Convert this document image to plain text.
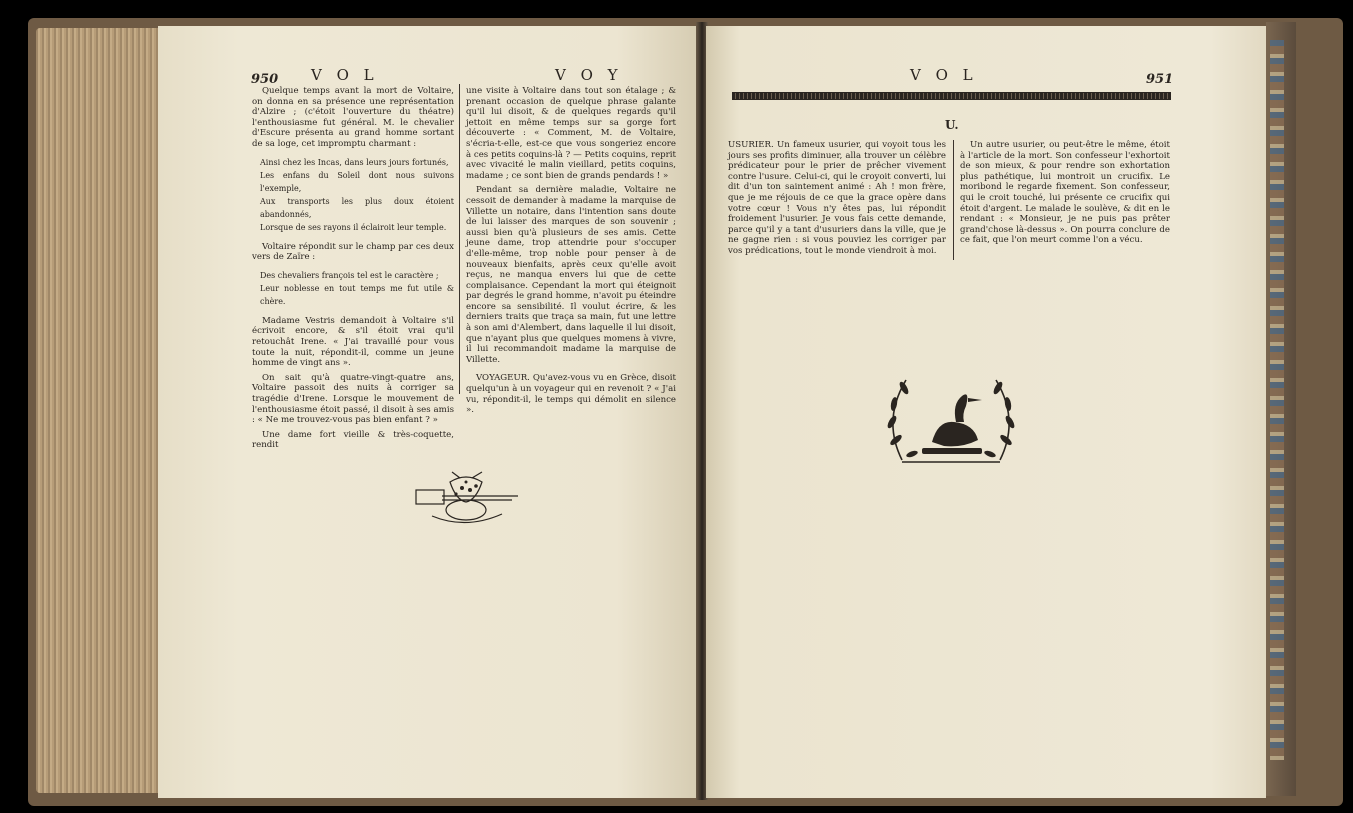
950 V O L	V O Y

Quelque temps avant la mort de Voltaire, on donna en sa présence une représentation d'Alzire ; (c'étoit l'ouverture du théatre) l'enthousiasme fut général. M. le chevalier d'Escure présenta au grand homme sortant de sa loge, cet impromptu charmant :

Ainsi chez les Incas, dans leurs jours fortunés,
Les enfans du Soleil dont nous suivons l'exemple,
Aux transports les plus doux étoient abandonnés,
Lorsque de ses rayons il éclairoit leur temple.

Voltaire répondit sur le champ par ces deux vers de Zaïre :

Des chevaliers françois tel est le caractère ;
Leur noblesse en tout temps me fut utile & chère.

Madame Vestris demandoit à Voltaire s'il écrivoit encore, & s'il étoit vrai qu'il retouchât Irene. « J'ai travaillé pour vous toute la nuit, répondit-il, comme un jeune homme de vingt ans ».

On sait qu'à quatre-vingt-quatre ans, Voltaire passoit des nuits à corriger sa tragédie d'Irene. Lorsque le mouvement de l'enthousiasme étoit passé, il disoit à ses amis : « Ne me trouvez-vous pas bien enfant ? »

Une dame fort vieille & très-coquette, rendit

une visite à Voltaire dans tout son étalage ; & prenant occasion de quelque phrase galante qu'il lui disoit, & de quelques regards qu'il jettoit en même temps sur sa gorge fort découverte : « Comment, M. de Voltaire, s'écria-t-elle, est-ce que vous songeriez encore à ces petits coquins-là ? — Petits coquins, reprit avec vivacité le malin vieillard, petits coquins, madame ; ce sont bien de grands pendards ! »

Pendant sa dernière maladie, Voltaire ne cessoit de demander à madame la marquise de Villette un notaire, dans l'intention sans doute de lui laisser des marques de son souvenir ; aussi bien qu'à plusieurs de ses amis. Cette jeune dame, trop attendrie pour s'occuper d'elle-même, trop noble pour penser à de nouveaux bienfaits, après ceux qu'elle avoit reçus, ne manqua envers lui que de cette complaisance. Cependant la mort qui éteignoit par degrés le grand homme, n'avoit pu éteindre encore sa sensibilité. Il voulut écrire, & les derniers traits que traça sa main, fut une lettre à son ami d'Alembert, dans laquelle il lui disoit, que n'ayant plus que quelques momens à vivre, il lui recommandoit madame la marquise de Villette.

VOYAGEUR. Qu'avez-vous vu en Grèce, disoit quelqu'un à un voyageur qui en revenoit ? « J'ai vu, répondit-il, le temps qui démolit en silence ».

V O L	951
U.

USURIER. Un fameux usurier, qui voyoit tous les jours ses profits diminuer, alla trouver un célèbre prédicateur pour le prier de prêcher vivement contre l'usure. Celui-ci, qui le croyoit converti, lui dit d'un ton saintement animé : Ah ! mon frère, que je me réjouis de ce que la grace opère dans votre cœur ! Vous n'y êtes pas, lui répondit froidement l'usurier. Je vous fais cette demande, parce qu'il y a tant d'usuriers dans la ville, que je ne gagne rien : si vous pouviez les corriger par vos prédications, tout le monde viendroit à moi.

Un autre usurier, ou peut-être le même, étoit à l'article de la mort. Son confesseur l'exhortoit de son mieux, & pour rendre son exhortation plus pathétique, lui montroit un crucifix. Le moribond le regarde fixement. Son confesseur, qui le croit touché, lui présente ce crucifix qui étoit d'argent. Le malade le soulève, & dit en le rendant : « Monsieur, je ne puis pas prêter grand'chose là-dessus ». On pourra conclure de ce fait, que l'on meurt comme l'on a vécu.
